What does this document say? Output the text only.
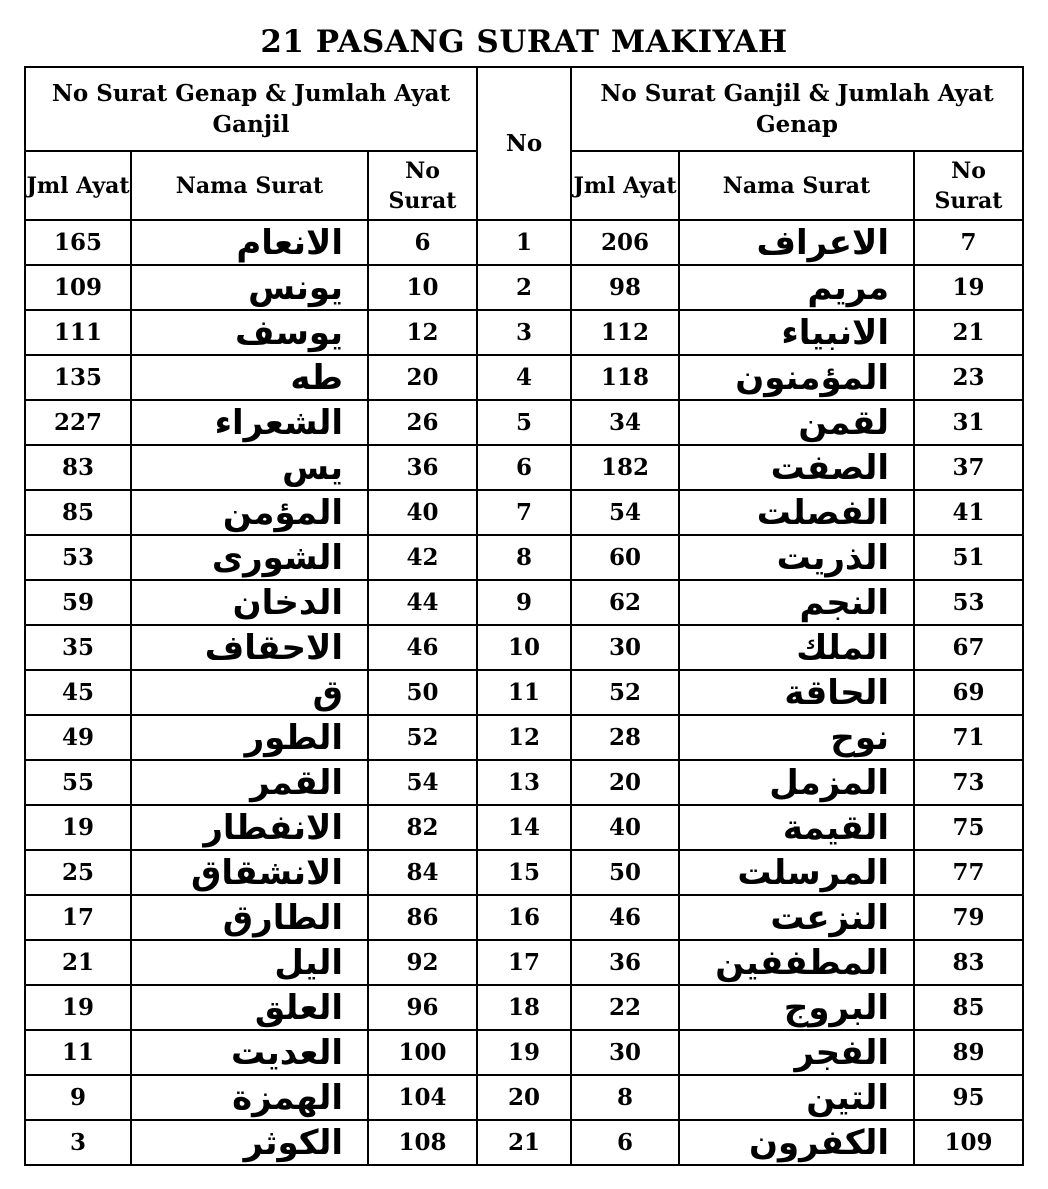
21 PASANG SURAT MAKIYAH
No Surat Genap & Jumlah Ayat Ganjil			No	No Surat Ganjil & Jumlah Ayat Genap		
Jml Ayat	Nama Surat	No Surat		Jml Ayat	Nama Surat	No Surat
165	الانعام	6	1	206	الاعراف	7
109	يونس	10	2	98	مريم	19
111	يوسف	12	3	112	الانبياء	21
135	طه	20	4	118	المؤمنون	23
227	الشعراء	26	5	34	لقمن	31
83	يس	36	6	182	الصفت	37
85	المؤمن	40	7	54	الفصلت	41
53	الشورى	42	8	60	الذريت	51
59	الدخان	44	9	62	النجم	53
35	الاحقاف	46	10	30	الملك	67
45	ق	50	11	52	الحاقة	69
49	الطور	52	12	28	نوح	71
55	القمر	54	13	20	المزمل	73
19	الانفطار	82	14	40	القيمة	75
25	الانشقاق	84	15	50	المرسلت	77
17	الطارق	86	16	46	النزعت	79
21	اليل	92	17	36	المطففين	83
19	العلق	96	18	22	البروج	85
11	العديت	100	19	30	الفجر	89
9	الهمزة	104	20	8	التين	95
3	الكوثر	108	21	6	الكفرون	109
